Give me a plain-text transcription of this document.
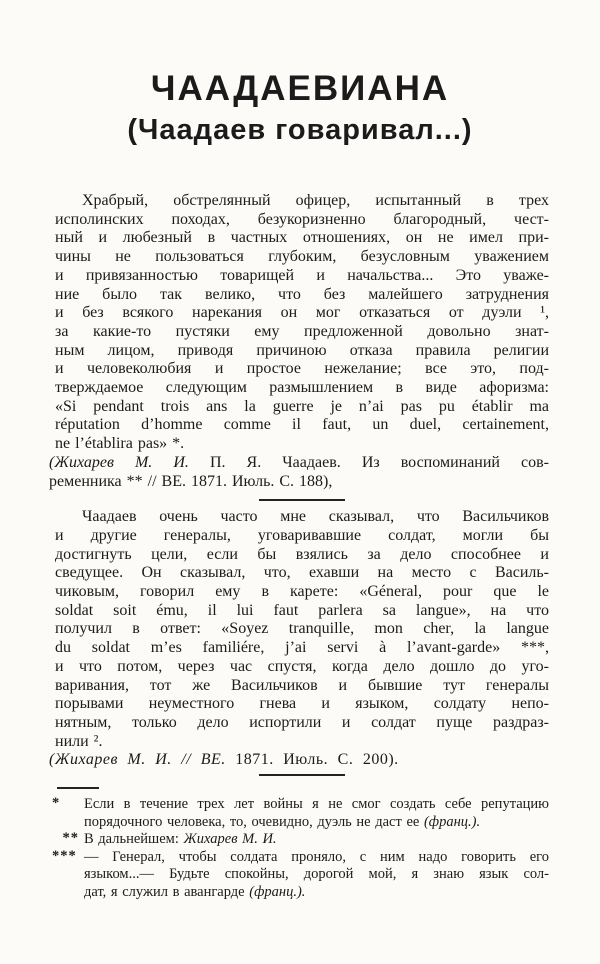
ЧААДАЕВИАНА
(Чаадаев говаривал...)
Храбрый, обстрелянный офицер, испытанный в трех
исполинских походах, безукоризненно благородный, чест-
ный и любезный в частных отношениях, он не имел при-
чины не пользоваться глубоким, безусловным уважением
и привязанностью товарищей и начальства... Это уваже-
ние было так велико, что без малейшего затруднения
и без всякого нарекания он мог отказаться от дуэли ¹,
за какие-то пустяки ему предложенной довольно знат-
ным лицом, приводя причиною отказа правила религии
и человеколюбия и простое нежелание; все это, под-
тверждаемое следующим размышлением в виде афоризма:
«Si pendant trois ans la guerre je n’ai pas pu établir ma
réputation d’homme comme il faut, un duel, certainement,
ne l’établira pas» *.
(Жихарев М. И. П. Я. Чаадаев. Из воспоминаний сов-
ременника ** // ВЕ. 1871. Июль. С. 188),
Чаадаев очень часто мне сказывал, что Васильчиков
и другие генералы, уговаривавшие солдат, могли бы
достигнуть цели, если бы взялись за дело способнее и
сведущее. Он сказывал, что, ехавши на место с Василь-
чиковым, говорил ему в карете: «Géneral, pour que le
soldat soit ému, il lui faut parlera sa langue», на что
получил в ответ: «Soyez tranquille, mon cher, la langue
du soldat m’es familiére, j’ai servi à l’avant-garde» ***,
и что потом, через час спустя, когда дело дошло до уго-
варивания, тот же Васильчиков и бывшие тут генералы
порывами неуместного гнева и языком, солдату непо-
нятным, только дело испортили и солдат пуще раздраз-
нили ².
(Жихарев М. И. // ВЕ. 1871. Июль. С. 200).
*	Если в течение трех лет войны я не смог создать себе репутацию
порядочного человека, то, очевидно, дуэль не даст ее (франц.).
** В дальнейшем: Жихарев М. И.
*** — Генерал, чтобы солдата проняло, с ним надо говорить его
языком...— Будьте спокойны, дорогой мой, я знаю язык сол-
дат, я служил в авангарде (франц.).
